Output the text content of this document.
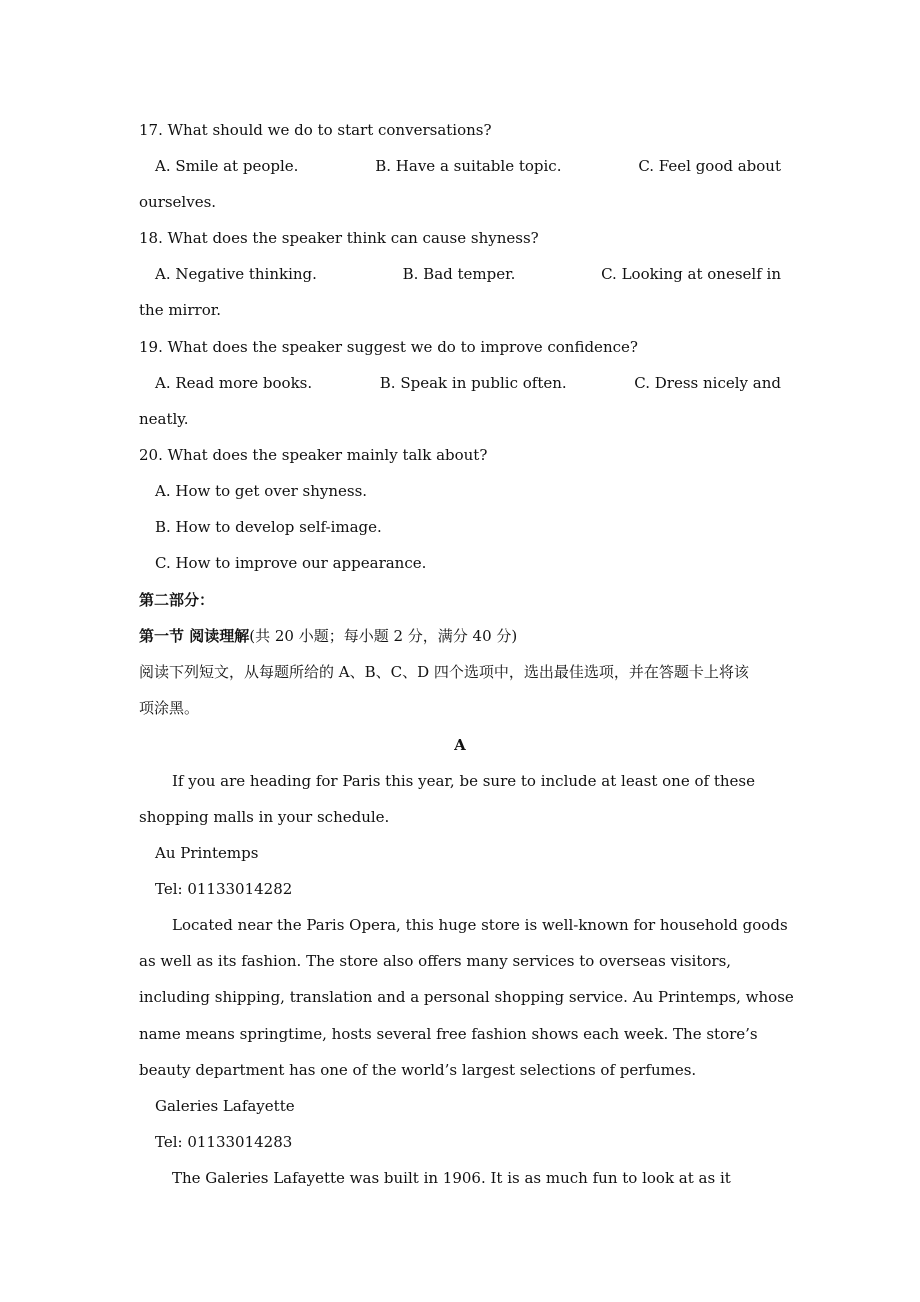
17. What should we do to start conversations?
A. Smile at people.	B. Have a suitable topic.	C. Feel good about
ourselves.
18. What does the speaker think can cause shyness?
A. Negative thinking.	B. Bad temper.	C. Looking at oneself in
the mirror.
19. What does the speaker suggest we do to improve confidence?
A. Read more books.	B. Speak in public often.	C. Dress nicely and
neatly.
20. What does the speaker mainly talk about?
A. How to get over shyness.
B. How to develop self-image.
C. How to improve our appearance.
第二部分：
第一节 阅读理解(共 20 小题；每小题 2 分，满分 40 分)
阅读下列短文，从每题所给的 A、B、C、D 四个选项中，选出最佳选项，并在答题卡上将该
项涂黑。
A
If you are heading for Paris this year, be sure to include at least one of these
shopping malls in your schedule.
Au Printemps
Tel: 01133014282
Located near the Paris Opera, this huge store is well-known for household goods
as well as its fashion. The store also offers many services to overseas visitors,
including shipping, translation and a personal shopping service. Au Printemps, whose
name means springtime, hosts several free fashion shows each week. The store’s
beauty department has one of the world’s largest selections of perfumes.
Galeries Lafayette
Tel: 01133014283
The Galeries Lafayette was built in 1906. It is as much fun to look at as it
